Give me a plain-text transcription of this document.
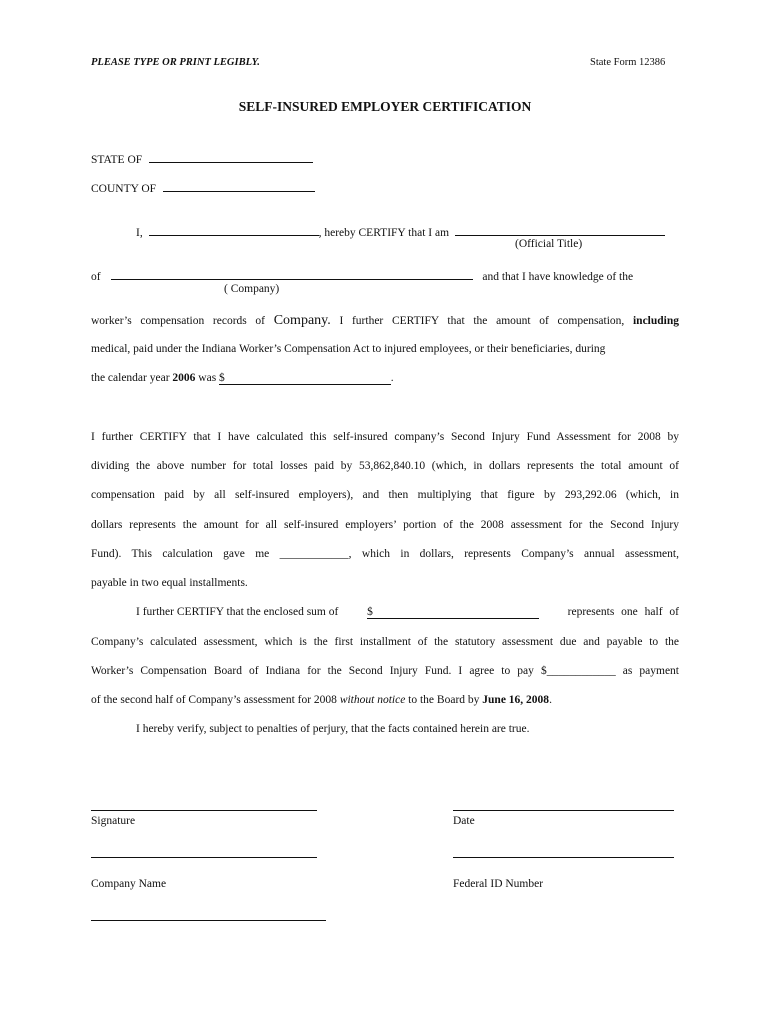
PLEASE TYPE OR PRINT LEGIBLY.	State Form 12386
SELF-INSURED EMPLOYER CERTIFICATION
STATE OF
COUNTY OF
I,	, hereby CERTIFY that I am
(Official Title)
of	and that I have knowledge of the
( Company)
worker’s compensation records of Company. I further CERTIFY that the amount of compensation, including
medical, paid under the Indiana Worker’s Compensation Act to injured employees, or their beneficiaries, during
the calendar year 2006 was $	.
I further CERTIFY that I have calculated this self-insured company’s Second Injury Fund Assessment for 2008 by
dividing the above number for total losses paid by 53,862,840.10 (which, in dollars represents the total amount of
compensation paid by all self-insured employers), and then multiplying that figure by 293,292.06 (which, in
dollars represents the amount for all self-insured employers’ portion of the 2008 assessment for the Second Injury
Fund). This calculation gave me ____________, which in dollars, represents Company’s annual assessment,
payable in two equal installments.
I further CERTIFY that the enclosed sum of	$	represents one half of
Company’s calculated assessment, which is the first installment of the statutory assessment due and payable to the
Worker’s Compensation Board of Indiana for the Second Injury Fund. I agree to pay $____________ as payment
of the second half of Company’s assessment for 2008 without notice to the Board by June 16, 2008.
I hereby verify, subject to penalties of perjury, that the facts contained herein are true.
Signature	Date
Company Name	Federal ID Number
